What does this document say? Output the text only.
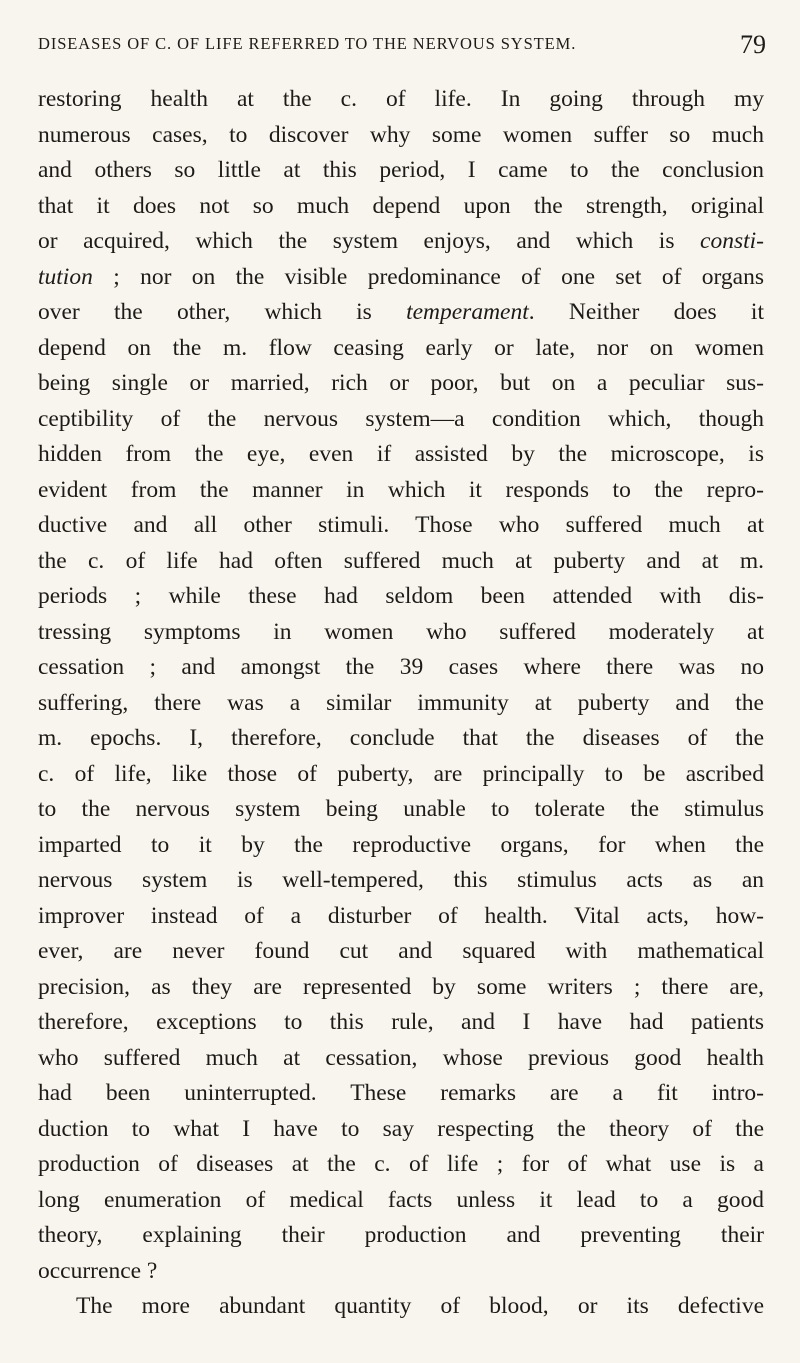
DISEASES OF C. OF LIFE REFERRED TO THE NERVOUS SYSTEM.	79
restoring health at the c. of life. In going through my
numerous cases, to discover why some women suffer so much
and others so little at this period, I came to the conclusion
that it does not so much depend upon the strength, original
or acquired, which the system enjoys, and which is consti-
tution ; nor on the visible predominance of one set of organs
over the other, which is temperament. Neither does it
depend on the m. flow ceasing early or late, nor on women
being single or married, rich or poor, but on a peculiar sus-
ceptibility of the nervous system—a condition which, though
hidden from the eye, even if assisted by the microscope, is
evident from the manner in which it responds to the repro-
ductive and all other stimuli. Those who suffered much at
the c. of life had often suffered much at puberty and at m.
periods ; while these had seldom been attended with dis-
tressing symptoms in women who suffered moderately at
cessation ; and amongst the 39 cases where there was no
suffering, there was a similar immunity at puberty and the
m. epochs. I, therefore, conclude that the diseases of the
c. of life, like those of puberty, are principally to be ascribed
to the nervous system being unable to tolerate the stimulus
imparted to it by the reproductive organs, for when the
nervous system is well-tempered, this stimulus acts as an
improver instead of a disturber of health. Vital acts, how-
ever, are never found cut and squared with mathematical
precision, as they are represented by some writers ; there are,
therefore, exceptions to this rule, and I have had patients
who suffered much at cessation, whose previous good health
had been uninterrupted. These remarks are a fit intro-
duction to what I have to say respecting the theory of the
production of diseases at the c. of life ; for of what use is a
long enumeration of medical facts unless it lead to a good
theory, explaining their production and preventing their
occurrence ?
The more abundant quantity of blood, or its defective
